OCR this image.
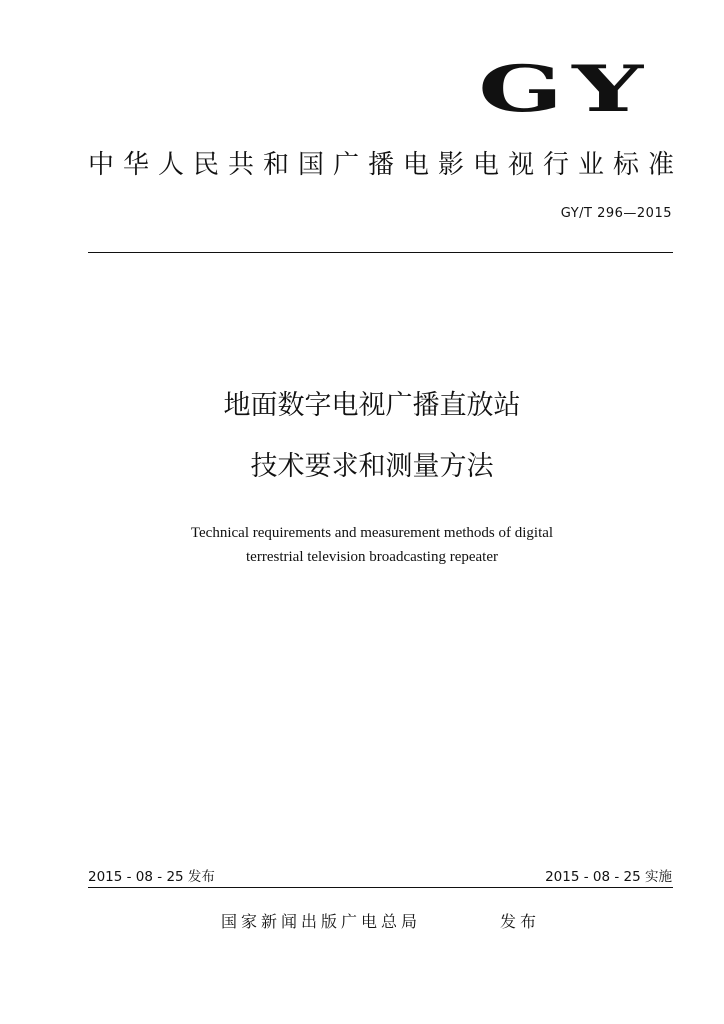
GY
中华人民共和国广播电影电视行业标准
GY/T 296—2015
地面数字电视广播直放站
技术要求和测量方法
Technical requirements and measurement methods of digital
terrestrial television broadcasting repeater
2015 - 08 - 25 发布	2015 - 08 - 25 实施
国家新闻出版广电总局	发布
